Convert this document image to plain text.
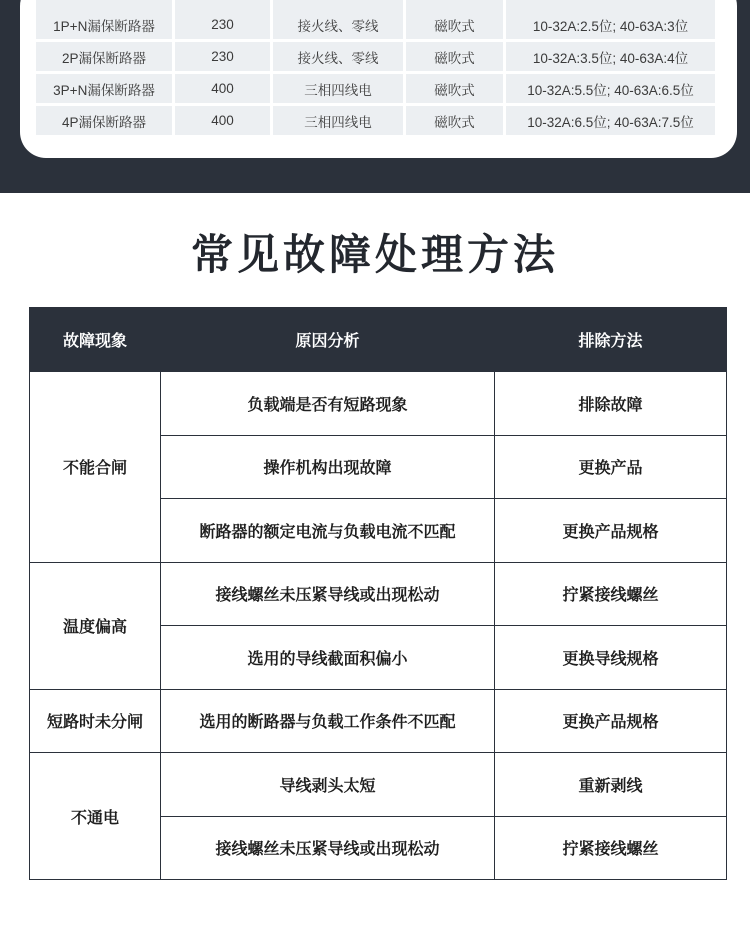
1P+N漏保断路器	230	接火线、零线	磁吹式	10-32A:2.5位; 40-63A:3位
2P漏保断路器	230	接火线、零线	磁吹式	10-32A:3.5位; 40-63A:4位
3P+N漏保断路器	400	三相四线电	磁吹式	10-32A:5.5位; 40-63A:6.5位
4P漏保断路器	400	三相四线电	磁吹式	10-32A:6.5位; 40-63A:7.5位
常见故障处理方法
故障现象	原因分析	排除方法
不能合闸	负载端是否有短路现象	排除故障
	操作机构出现故障	更换产品
	断路器的额定电流与负载电流不匹配	更换产品规格
温度偏高	接线螺丝未压紧导线或出现松动	拧紧接线螺丝
	选用的导线截面积偏小	更换导线规格
短路时未分闸	选用的断路器与负载工作条件不匹配	更换产品规格
不通电	导线剥头太短	重新剥线
	接线螺丝未压紧导线或出现松动	拧紧接线螺丝
